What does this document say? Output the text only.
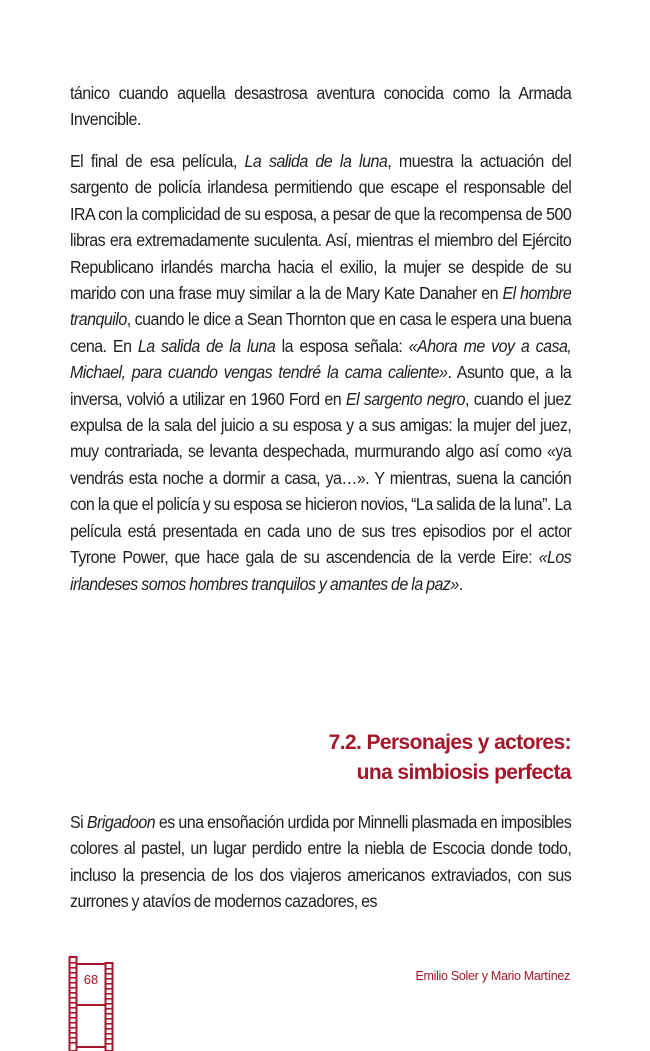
tánico cuando aquella desastrosa aventura conocida como la Armada Invencible.

El final de esa película, La salida de la luna, muestra la actuación del sargento de policía irlandesa permitiendo que escape el responsable del IRA con la complicidad de su esposa, a pesar de que la recompensa de 500 libras era extremadamente suculenta. Así, mientras el miembro del Ejército Republicano irlandés marcha hacia el exilio, la mujer se despide de su marido con una frase muy similar a la de Mary Kate Danaher en El hombre tranquilo, cuando le dice a Sean Thornton que en casa le espera una buena cena. En La salida de la luna la esposa señala: «Ahora me voy a casa, Michael, para cuando vengas tendré la cama caliente». Asunto que, a la inversa, volvió a utilizar en 1960 Ford en El sargento negro, cuando el juez expulsa de la sala del juicio a su esposa y a sus amigas: la mujer del juez, muy contrariada, se levanta despechada, murmurando algo así como «ya vendrás esta noche a dormir a casa, ya…». Y mientras, suena la canción con la que el policía y su esposa se hicieron novios, “La salida de la luna”. La película está presentada en cada uno de sus tres episodios por el actor Tyrone Power, que hace gala de su ascendencia de la verde Eire: «Los irlandeses somos hombres tranquilos y amantes de la paz».

7.2. Personajes y actores:
una simbiosis perfecta

Si Brigadoon es una ensoñación urdida por Minnelli plasmada en imposibles colores al pastel, un lugar perdido entre la niebla de Escocia donde todo, incluso la presencia de los dos viajeros americanos extraviados, con sus zurrones y atavíos de modernos cazadores, es

68	Emilio Soler y Mario Martínez
